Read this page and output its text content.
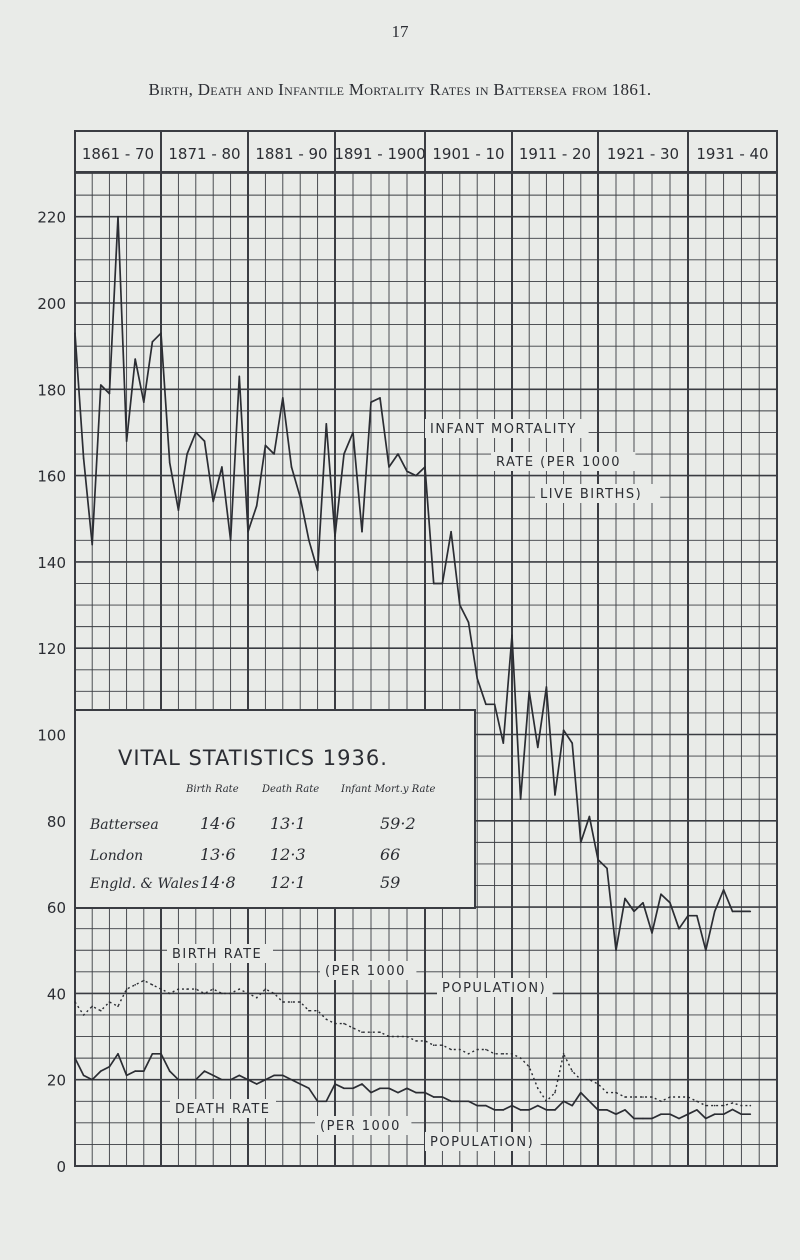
17
Birth, Death and Infantile Mortality Rates in Battersea from 1861.
1861 - 70 1871 - 80 1881 - 90 1891 - 1900 1901 - 10 1911 - 20 1921 - 30 1931 - 40
0
20
40
60
80
100
120
140
160
180
200
220
VITAL STATISTICS 1936.
Birth Rate Death Rate Infant Mort.y Rate
Battersea	14·6 13·1	59·2
London	13·6 12·3	66
Engld. & Wales 14·8 12·1	59
INFANT MORTALITY
RATE (PER 1000
LIVE BIRTHS)
BIRTH RATE
(PER 1000
POPULATION)
DEATH RATE
(PER 1000
POPULATION)
